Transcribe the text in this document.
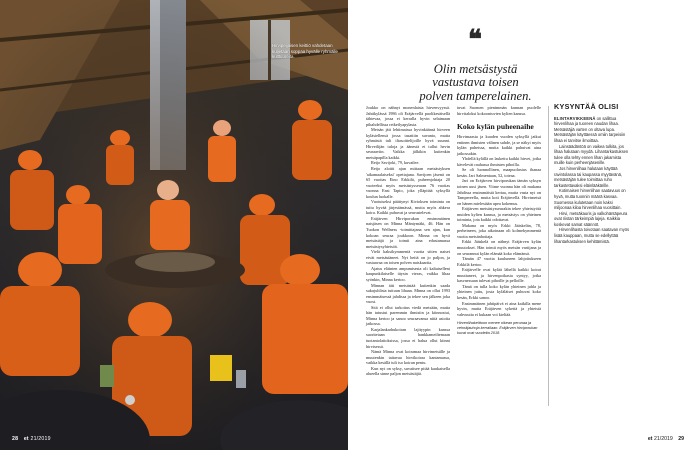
Hirvipeijaisen keittiö vahdetaan kuljetaan soppaa hyvälle ryhmälle kulttuureita.
28 et 21/2019
❝
Olin metsästystä vastustava toisen polven tamperelainen.

Joukko on nähnyt monenlaista hirvenvyyssä. Jahtikylässä 1986 oli Eräjärvellä puolikesäisellä tähtevaa, jossa ei kerralla hyvin selaimaan pihahdellissa retkeilyapylasta.

Metsän jäti lehtimaissa hyvinkäänsä hirveen kyläsiellensä jossa tasattiin suvanto, mutta ryhmästä tuli iltasoittelijoille hyvä suunni. Hirveilijän tuloja ja äänestä ei tullut hevin seuraaviin. Vaikka jälkikin kuitenkin metsäpapilla kaikki.

Reijo Savijoki, 79, kuvailee.

Reijo aloitti ajan mittaan metsästyksen 'aikamaalaiseksi' opettajana. Savijoen jäsenä on 65 vuotias Eino Erkkilä, puheenjohtaja 20 vuoteeksi myös metsästysseuran 76 vuotias vuonna Ensi Tapio, joka ylläpitää syksyllä koulun luokalle.

Vuotuiseksi päättynyt Kivioksen toiminta on tuttu hyvää järjestämässä, mutta myös ahkera koira. Kaikki puhuvat ja seurustelevat.

Eräjärven Hirviporukan ensimmäinen naisjäsen on Minna Mäntymäki, 46. Hän on Tuokon Wellness -toimittajana sen ajan, kun kokoan seuraa joukkoon. Minna on hyvä metsästäjä ja toimii aina edustamassa metsästysyhteisöä.

Vielä kaksikymmentä vuotta sitten naiset eivät metsästäneet. Nyt heitä on jo paljon, ja vastaavaa on toisen polven naiskaartia.

Ajatus eläinten ampumisesta oli kaltaiselleni kaupunkilaiselle täysin vieras, vaikka lihaa syönkin, Minna kertoo.

Minnan äiti metsästää kuitenkin saada sukujuhlista tuttuun lihaan. Minna on ollut 1993 ensimmäisessä jahdissa ja tekee sen jälkeen joka vuosi.

Sitä ei ollut tarkoitus viedä metsään, mutta hän tutustui paremmin ihmisiin ja kiinnostui, Minna kertoo ja sanoo seuraavansa niitä asioita jatkossa.

Karjalankarhukoiran lajityypin kanssa suoritetaan hankkameiltemaan tuotantolaitoksissa, jossa ei halua ollut kiinni hirvisessä.

Nämä Minna ovat koiramaa hirvimetsälle ja muutenkin taitavaa hirvikoiraa kantamassa, vaikka kesällä tuli iso koiran pentu.

Kun nyt on syksy, suvaitsee pitää kaukaisella alueella sinne paljon metsästäjiä.

tuvat Suomen pienimmän kunnan puolelle hirvitaloksi kokoontuvien kylien kanssa.

Koko kylän puheenaihe

Hirvimaasta ja kuuden vuoden syksyllä jatkui entinen ihmisten välinen suhde, ja se näkyi myös kylän puheissa, mutta kaikki puhuivat aina jatkossakin.

Yhdellä kylällä on laskettu kaikki hirvet, jotka kävelevät rauhassa ihmisten pihoilla.

Se oli luonnollinen, maapuolustus ihanaa kesän. Jari Salmentaan, 52, toteaa.

Jari on Eräjärven hirviporukan tämän syksyn toinen uusi jäsen. Viime vuonna hän oli mukana Jahdissa ensimmäistä kertaa, mutta vasta nyt on Tampereella, mutta koti Eräjärvellä. Hirvimetsä on hänen mielestään upea kokemus.

Eräjärven metsästysseurakin tekee yhteistyötä muiden kylien kanssa, ja metsästys on yhteinen toiminta, jota kaikki odottavat.

Mukana on myös Erkki Jääskelän, 78, perheineen, joka aikoinaan oli kolmekymmentä vuotta metsänhoitaja.

Erkki Jääskelä on nähnyt Eräjärven kylän muutokset. Hän toimii myös metsän vartijana ja on seurannut kylän elämää koko elämänsä.

Tämän 47 vuotta kuuluneen lahjoitukseen Erkkilä kertoo.

Eräjärvelle ovat kylää lähellä kaikki koirat muuttaneet, ja hirvenpoikasia syntyy, jotka kasvaessaan tulevat pihoille ja pelloille.

Tämä on tulla koko kylän yhteinen juhla ja yhteinen juttu, josta kyläläiset puhuvat koko kesän, Erkki sanoo.

Ensimmäinen jahtipäivä ei aina kaikilla mene hyvin, mutta Eräjärven sykettä ja yhteistä vahvuutta ei kukaan voi kieltää.

Hirvenlihakeittoon menee oikean perunaa ja vehnäjauhoja kerrallaan. Eräjärven hirviporukan kuvat ovat vuodelta 2018.

KYSYNTÄÄ OLISI

ELINTARVIKKEENÄ on sallittua hirvenlihaa ja tuoreen naudan lihaa. Metsästäjiä varten on oltava lupa. Metsästäjän käyttäessä omiin tarpeisiin lihaa ei tarvitse ilmoittaa.

Lainsäädäntöä on vaikea tulkita, jos lihaa halutaan myydä. Lihantarkastuksen tulee olla tehty ennen lihan jakamista muille kuin perheenjäsenille.

Jos hirvenlihaa halutaan käyttää ravintolassa tai kaupassa myytävänä, metsästäjän tulee toimittaa ruho tarkastettavaksi eläinlääkärille.

Kotimaisen hirvenlihan saatavuus on hyvä, mutta tuonnin määrä kasvaa. Suomessa kulutetaan noin kaksi miljoonaa kiloa hirvenlihaa vuosittain.

Hirvi, metsäkauris ja valkohäntäpeura ovat riistan tärkeimpiä lajeja. Kaikkia koskevat samat säännöt.

Hirvenlihasta toivotaan saatavan myös lisää kauppaan, mutta se edellyttää lihantarkastuksen kehittämistä.

et 21/2019 29
